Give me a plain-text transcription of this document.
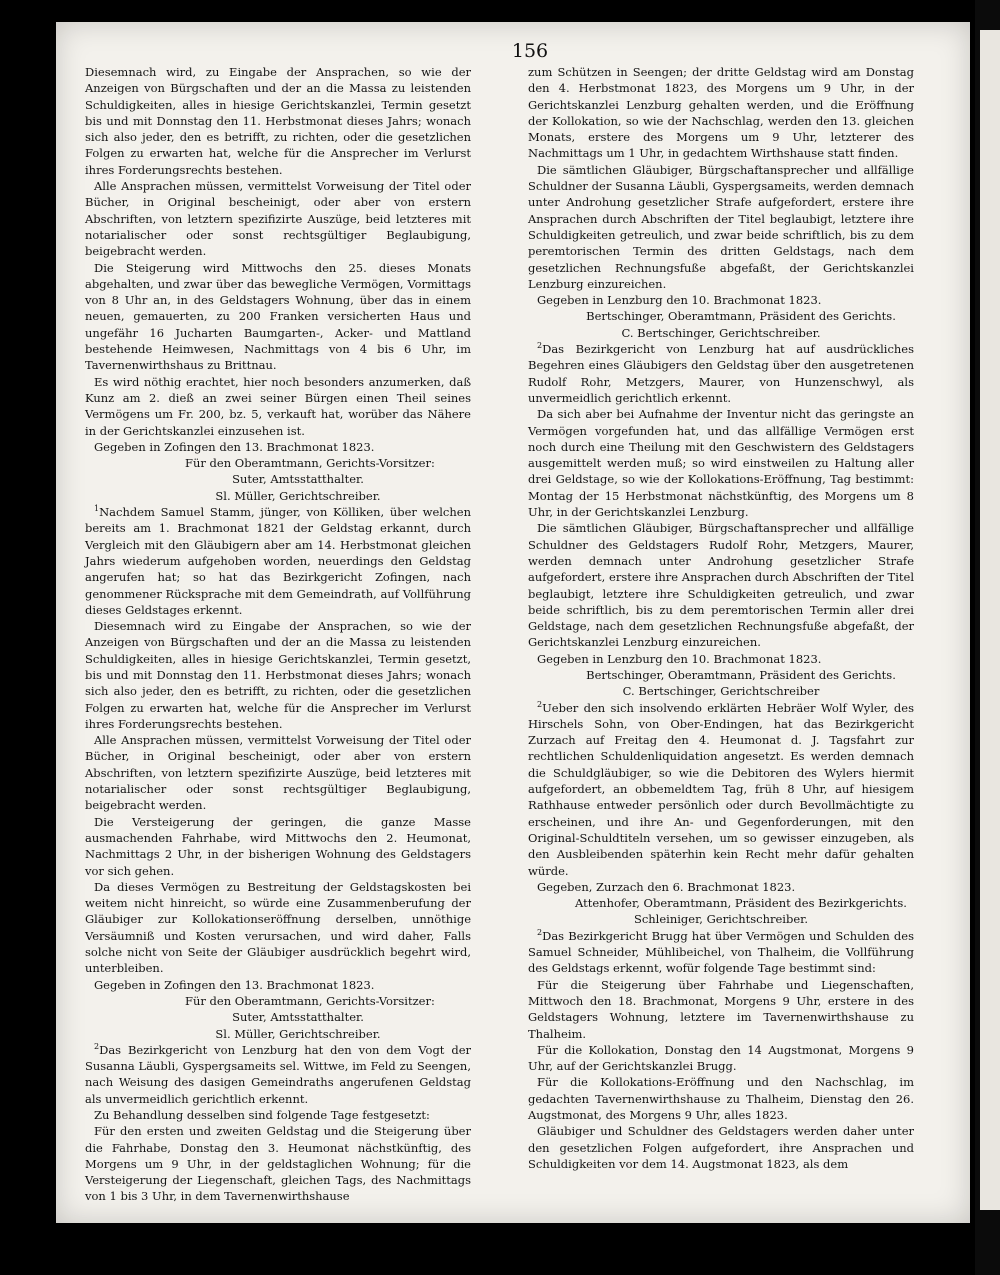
156

Diesemnach wird, zu Eingabe der Ansprachen, so wie der Anzeigen von Bürgschaften und der an die Massa zu leistenden Schuldigkeiten, alles in hiesige Gerichtskanzlei, Termin gesetzt bis und mit Donnstag den 11. Herbstmonat dieses Jahrs; wonach sich also jeder, den es betrifft, zu richten, oder die gesetzlichen Folgen zu erwarten hat, welche für die Ansprecher im Verlurst ihres Forderungsrechts bestehen.

Alle Ansprachen müssen, vermittelst Vorweisung der Titel oder Bücher, in Original bescheinigt, oder aber von erstern Abschriften, von letztern spezifizirte Auszüge, beid letzteres mit notarialischer oder sonst rechtsgültiger Beglaubigung, beigebracht werden.

Die Steigerung wird Mittwochs den 25. dieses Monats abgehalten, und zwar über das bewegliche Vermögen, Vormittags von 8 Uhr an, in des Geldstagers Wohnung, über das in einem neuen, gemauerten, zu 200 Franken versicherten Haus und ungefähr 16 Jucharten Baumgarten-, Acker- und Mattland bestehende Heimwesen, Nachmittags von 4 bis 6 Uhr, im Tavernenwirthshaus zu Brittnau.

Es wird nöthig erachtet, hier noch besonders anzumerken, daß Kunz am 2. dieß an zwei seiner Bürgen einen Theil seines Vermögens um Fr. 200, bz. 5, verkauft hat, worüber das Nähere in der Gerichtskanzlei einzusehen ist.

Gegeben in Zofingen den 13. Brachmonat 1823.

Für den Oberamtmann, Gerichts-Vorsitzer:

Suter, Amtsstatthalter.

Sl. Müller, Gerichtschreiber.

$^1$Nachdem Samuel Stamm, jünger, von Kölliken, über welchen bereits am 1. Brachmonat 1821 der Geldstag erkannt, durch Vergleich mit den Gläubigern aber am 14. Herbstmonat gleichen Jahrs wiederum aufgehoben worden, neuerdings den Geldstag angerufen hat; so hat das Bezirkgericht Zofingen, nach genommener Rücksprache mit dem Gemeindrath, auf Vollführung dieses Geldstages erkennt.

Diesemnach wird zu Eingabe der Ansprachen, so wie der Anzeigen von Bürgschaften und der an die Massa zu leistenden Schuldigkeiten, alles in hiesige Gerichtskanzlei, Termin gesetzt, bis und mit Donnstag den 11. Herbstmonat dieses Jahrs; wonach sich also jeder, den es betrifft, zu richten, oder die gesetzlichen Folgen zu erwarten hat, welche für die Ansprecher im Verlurst ihres Forderungsrechts bestehen.

Alle Ansprachen müssen, vermittelst Vorweisung der Titel oder Bücher, in Original bescheinigt, oder aber von erstern Abschriften, von letztern spezifizirte Auszüge, beid letzteres mit notarialischer oder sonst rechtsgültiger Beglaubigung, beigebracht werden.

Die Versteigerung der geringen, die ganze Masse ausmachenden Fahrhabe, wird Mittwochs den 2. Heumonat, Nachmittags 2 Uhr, in der bisherigen Wohnung des Geldstagers vor sich gehen.

Da dieses Vermögen zu Bestreitung der Geldstagskosten bei weitem nicht hinreicht, so würde eine Zusammenberufung der Gläubiger zur Kollokationseröffnung derselben, unnöthige Versäumniß und Kosten verursachen, und wird daher, Falls solche nicht von Seite der Gläubiger ausdrücklich begehrt wird, unterbleiben.

Gegeben in Zofingen den 13. Brachmonat 1823.

Für den Oberamtmann, Gerichts-Vorsitzer:

Suter, Amtsstatthalter.

Sl. Müller, Gerichtschreiber.

$^2$Das Bezirkgericht von Lenzburg hat den von dem Vogt der Susanna Läubli, Gyspergsameits sel. Wittwe, im Feld zu Seengen, nach Weisung des dasigen Gemeindraths angerufenen Geldstag als unvermeidlich gerichtlich erkennt.

Zu Behandlung desselben sind folgende Tage festgesetzt:

Für den ersten und zweiten Geldstag und die Steigerung über die Fahrhabe, Donstag den 3. Heumonat nächstkünftig, des Morgens um 9 Uhr, in der geldstaglichen Wohnung; für die Versteigerung der Liegenschaft, gleichen Tags, des Nachmittags von 1 bis 3 Uhr, in dem Tavernenwirthshause

zum Schützen in Seengen; der dritte Geldstag wird am Donstag den 4. Herbstmonat 1823, des Morgens um 9 Uhr, in der Gerichtskanzlei Lenzburg gehalten werden, und die Eröffnung der Kollokation, so wie der Nachschlag, werden den 13. gleichen Monats, erstere des Morgens um 9 Uhr, letzterer des Nachmittags um 1 Uhr, in gedachtem Wirthshause statt finden.

Die sämtlichen Gläubiger, Bürgschaftansprecher und allfällige Schuldner der Susanna Läubli, Gyspergsameits, werden demnach unter Androhung gesetzlicher Strafe aufgefordert, erstere ihre Ansprachen durch Abschriften der Titel beglaubigt, letztere ihre Schuldigkeiten getreulich, und zwar beide schriftlich, bis zu dem peremtorischen Termin des dritten Geldstags, nach dem gesetzlichen Rechnungsfuße abgefaßt, der Gerichtskanzlei Lenzburg einzureichen.

Gegeben in Lenzburg den 10. Brachmonat 1823.

Bertschinger, Oberamtmann, Präsident des Gerichts.

C. Bertschinger, Gerichtschreiber.

$^2$Das Bezirkgericht von Lenzburg hat auf ausdrückliches Begehren eines Gläubigers den Geldstag über den ausgetretenen Rudolf Rohr, Metzgers, Maurer, von Hunzenschwyl, als unvermeidlich gerichtlich erkennt.

Da sich aber bei Aufnahme der Inventur nicht das geringste an Vermögen vorgefunden hat, und das allfällige Vermögen erst noch durch eine Theilung mit den Geschwistern des Geldstagers ausgemittelt werden muß; so wird einstweilen zu Haltung aller drei Geldstage, so wie der Kollokations-Eröffnung, Tag bestimmt: Montag der 15 Herbstmonat nächstkünftig, des Morgens um 8 Uhr, in der Gerichtskanzlei Lenzburg.

Die sämtlichen Gläubiger, Bürgschaftansprecher und allfällige Schuldner des Geldstagers Rudolf Rohr, Metzgers, Maurer, werden demnach unter Androhung gesetzlicher Strafe aufgefordert, erstere ihre Ansprachen durch Abschriften der Titel beglaubigt, letztere ihre Schuldigkeiten getreulich, und zwar beide schriftlich, bis zu dem peremtorischen Termin aller drei Geldstage, nach dem gesetzlichen Rechnungsfuße abgefaßt, der Gerichtskanzlei Lenzburg einzureichen.

Gegeben in Lenzburg den 10. Brachmonat 1823.

Bertschinger, Oberamtmann, Präsident des Gerichts.

C. Bertschinger, Gerichtschreiber

$^2$Ueber den sich insolvendo erklärten Hebräer Wolf Wyler, des Hirschels Sohn, von Ober-Endingen, hat das Bezirkgericht Zurzach auf Freitag den 4. Heumonat d. J. Tagsfahrt zur rechtlichen Schuldenliquidation angesetzt. Es werden demnach die Schuldgläubiger, so wie die Debitoren des Wylers hiermit aufgefordert, an obbemeldtem Tag, früh 8 Uhr, auf hiesigem Rathhause entweder persönlich oder durch Bevollmächtigte zu erscheinen, und ihre An- und Gegenforderungen, mit den Original-Schuldtiteln versehen, um so gewisser einzugeben, als den Ausbleibenden späterhin kein Recht mehr dafür gehalten würde.

Gegeben, Zurzach den 6. Brachmonat 1823.

Attenhofer, Oberamtmann, Präsident des Bezirkgerichts.

Schleiniger, Gerichtschreiber.

$^2$Das Bezirkgericht Brugg hat über Vermögen und Schulden des Samuel Schneider, Mühlibeichel, von Thalheim, die Vollführung des Geldstags erkennt, wofür folgende Tage bestimmt sind:

Für die Steigerung über Fahrhabe und Liegenschaften, Mittwoch den 18. Brachmonat, Morgens 9 Uhr, erstere in des Geldstagers Wohnung, letztere im Tavernenwirthshause zu Thalheim.

Für die Kollokation, Donstag den 14 Augstmonat, Morgens 9 Uhr, auf der Gerichtskanzlei Brugg.

Für die Kollokations-Eröffnung und den Nachschlag, im gedachten Tavernenwirthshause zu Thalheim, Dienstag den 26. Augstmonat, des Morgens 9 Uhr, alles 1823.

Gläubiger und Schuldner des Geldstagers werden daher unter den gesetzlichen Folgen aufgefordert, ihre Ansprachen und Schuldigkeiten vor dem 14. Augstmonat 1823, als dem
